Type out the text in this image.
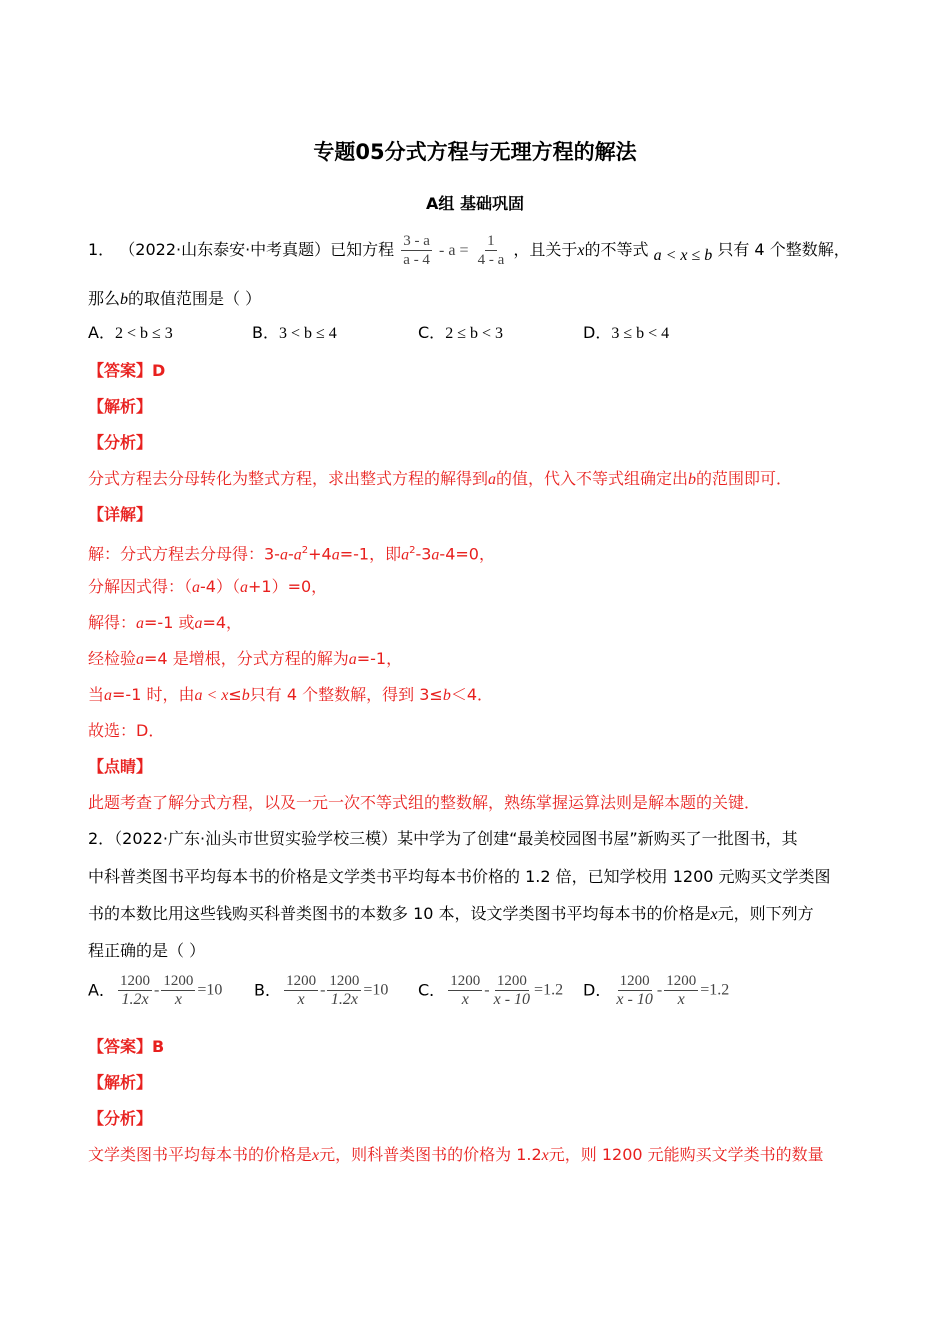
专题05分式方程与无理方程的解法
A组 基础巩固
1． （2022·山东泰安·中考真题）已知方程 $\frac{3 - a}{a - 4} - a = \frac{1}{4 - a}$ ，且关于x的不等式 a < x ≤ b 只有 4 个整数解，
那么b的取值范围是（ ）
A．2 < b ≤ 3	B．3 < b ≤ 4	C．2 ≤ b < 3	D．3 ≤ b < 4
【答案】D
【解析】
【分析】
分式方程去分母转化为整式方程，求出整式方程的解得到a的值，代入不等式组确定出b的范围即可．
【详解】
解：分式方程去分母得：$3-a-a^2+4a=-1$，即$a^2-3a-4=0$，
分解因式得：（a-4）（a+1）=0，
解得：a=-1 或a=4，
经检验a=4 是增根，分式方程的解为a=-1，
当a=-1 时，由a < x≤b只有 4 个整数解，得到 3≤b＜4．
故选：D．
【点睛】
此题考查了解分式方程，以及一元一次不等式组的整数解，熟练掌握运算法则是解本题的关键．
2．（2022·广东·汕头市世贸实验学校三模）某中学为了创建“最美校园图书屋”新购买了一批图书，其
中科普类图书平均每本书的价格是文学类书平均每本书价格的 1.2 倍，已知学校用 1200 元购买文学类图
书的本数比用这些钱购买科普类图书的本数多 10 本，设文学类图书平均每本书的价格是x元，则下列方
程正确的是（ ）
A． $\frac{1200}{1.2x} - \frac{1200}{x} =10$ B． $\frac{1200}{x} - \frac{1200}{1.2x} =10$ C． $\frac{1200}{x} - \frac{1200}{x - 10} =1.2$ D． $\frac{1200}{x - 10} - \frac{1200}{x} =1.2$
【答案】B
【解析】
【分析】
文学类图书平均每本书的价格是x元，则科普类图书的价格为 1.2x元，则 1200 元能购买文学类书的数量
